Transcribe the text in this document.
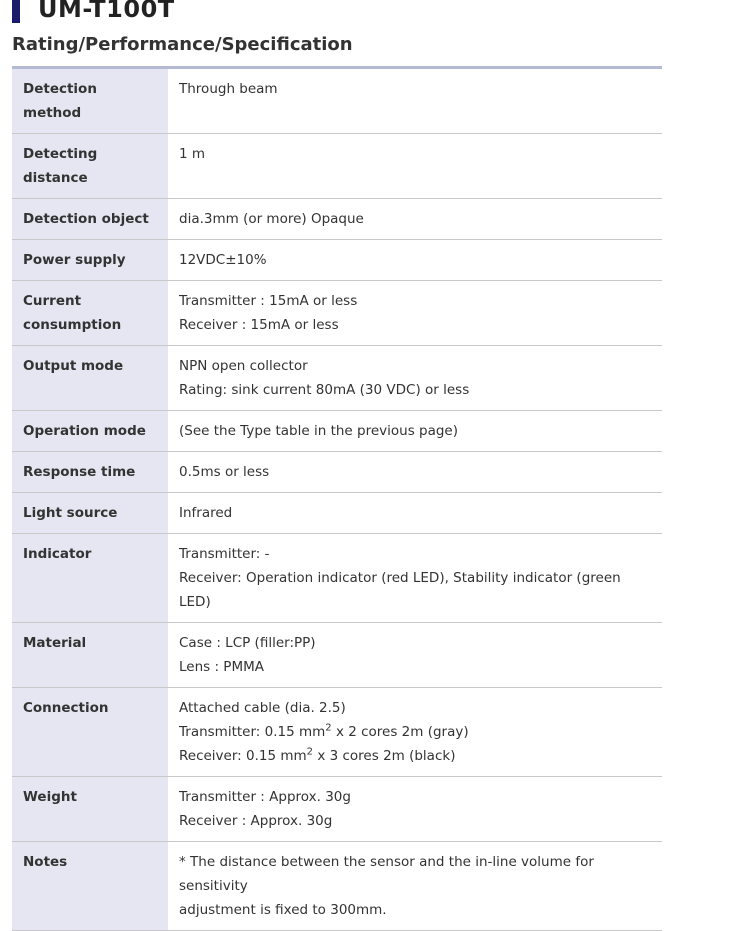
UM-T100T
Rating/Performance/Specification
Detection method	Through beam

Detecting
distance	1 m
Detection object	dia.3mm (or more) Opaque
Power supply	12VDC±10%

Current
consumption	Transmitter : 15mA or less
Receiver : 15mA or less

Output mode	NPN open collector
Rating: sink current 80mA (30 VDC) or less

Operation mode	(See the Type table in the previous page)
Response time	0.5ms or less
Light source	Infrared
Indicator	Transmitter: -
Receiver: Operation indicator (red LED), Stability indicator (green LED)

Material	Case : LCP (filler:PP)
Lens : PMMA

Connection	Attached cable (dia. 2.5)
Transmitter: 0.15 $mm^2$ x 2 cores 2m (gray)
Receiver: 0.15 $mm^2$ x 3 cores 2m (black)

Weight	Transmitter : Approx. 30g
Receiver : Approx. 30g

Notes	* The distance between the sensor and the in-line volume for sensitivity
adjustment is fixed to 300mm.
